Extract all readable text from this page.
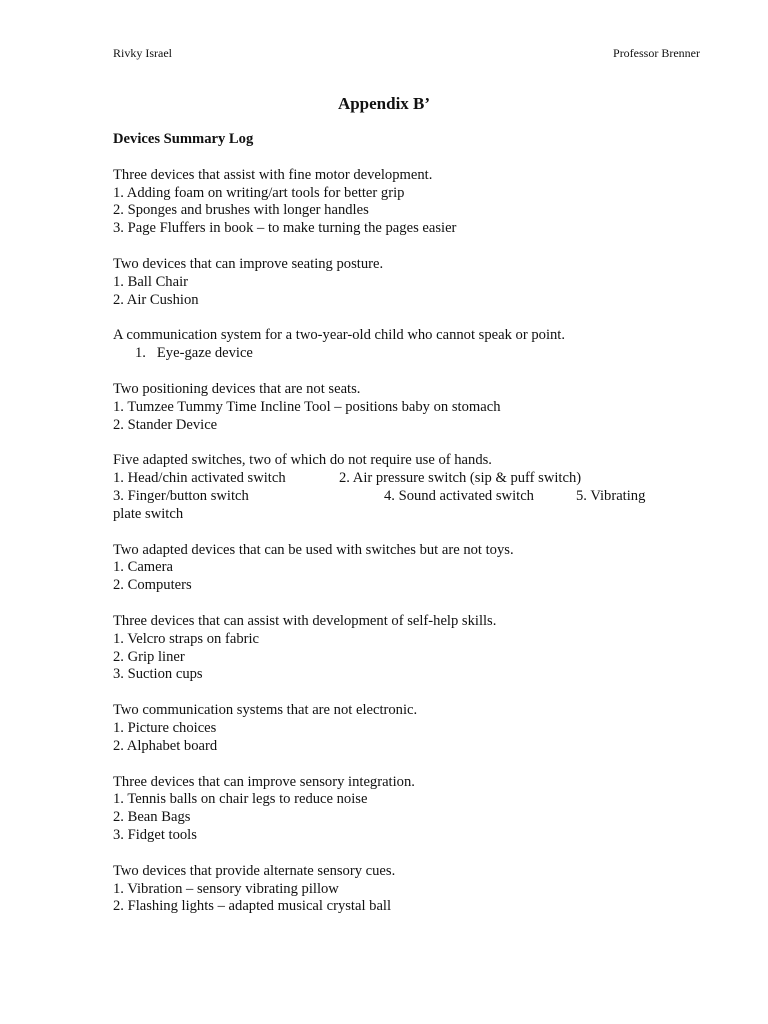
Rivky Israel	Professor Brenner
Appendix B’
Devices Summary Log
Three devices that assist with fine motor development.
1. Adding foam on writing/art tools for better grip
2. Sponges and brushes with longer handles
3. Page Fluffers in book – to make turning the pages easier
Two devices that can improve seating posture.
1. Ball Chair
2. Air Cushion
A communication system for a two-year-old child who cannot speak or point.
1.   Eye-gaze device
Two positioning devices that are not seats.
1. Tumzee Tummy Time Incline Tool – positions baby on stomach
2. Stander Device
Five adapted switches, two of which do not require use of hands.
1. Head/chin activated switch	2. Air pressure switch (sip & puff switch)
3. Finger/button switch	4. Sound activated switch	5. Vibrating
plate switch
Two adapted devices that can be used with switches but are not toys.
1. Camera
2. Computers
Three devices that can assist with development of self-help skills.
1. Velcro straps on fabric
2. Grip liner
3. Suction cups
Two communication systems that are not electronic.
1. Picture choices
2. Alphabet board
Three devices that can improve sensory integration.
1. Tennis balls on chair legs to reduce noise
2. Bean Bags
3. Fidget tools
Two devices that provide alternate sensory cues.
1. Vibration – sensory vibrating pillow
2. Flashing lights – adapted musical crystal ball
